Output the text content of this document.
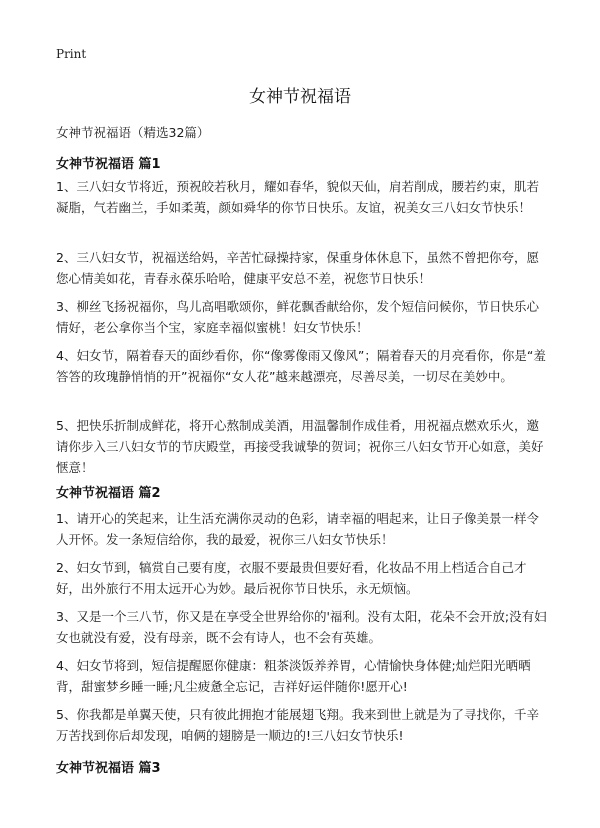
Print
女神节祝福语
女神节祝福语（精选32篇）
女神节祝福语 篇1

1、三八妇女节将近，预祝皎若秋月，耀如春华，貌似天仙，肩若削成，腰若约束，肌若凝脂，气若幽兰，手如柔荑，颜如舜华的你节日快乐。友谊，祝美女三八妇女节快乐！

2、三八妇女节，祝福送给妈，辛苦忙碌操持家，保重身体休息下，虽然不曾把你夸，愿您心情美如花，青春永葆乐哈哈，健康平安总不差，祝您节日快乐！

3、柳丝飞扬祝福你，鸟儿高唱歌颂你，鲜花飘香献给你，发个短信问候你，节日快乐心情好，老公拿你当个宝，家庭幸福似蜜桃！妇女节快乐！

4、妇女节，隔着春天的面纱看你，你“像雾像雨又像风”；隔着春天的月亮看你，你是“羞答答的玫瑰静悄悄的开”祝福你“女人花”越来越漂亮，尽善尽美，一切尽在美妙中。

5、把快乐折制成鲜花，将开心熬制成美酒，用温馨制作成佳肴，用祝福点燃欢乐火，邀请你步入三八妇女节的节庆殿堂，再接受我诚挚的贺词；祝你三八妇女节开心如意，美好惬意！

女神节祝福语 篇2

1、请开心的笑起来，让生活充满你灵动的色彩，请幸福的唱起来，让日子像美景一样令人开怀。发一条短信给你，我的最爱，祝你三八妇女节快乐！

2、妇女节到，犒赏自己要有度，衣服不要最贵但要好看，化妆品不用上档适合自己才好，出外旅行不用太远开心为妙。最后祝你节日快乐，永无烦恼。

3、又是一个三八节，你又是在享受全世界给你的'福利。没有太阳，花朵不会开放;没有妇女也就没有爱，没有母亲，既不会有诗人，也不会有英雄。

4、妇女节将到，短信提醒愿你健康：粗茶淡饭养养胃，心情愉快身体健;灿烂阳光晒晒背，甜蜜梦乡睡一睡;凡尘疲惫全忘记，吉祥好运伴随你!愿开心!

5、你我都是单翼天使，只有彼此拥抱才能展翅飞翔。我来到世上就是为了寻找你，千辛万苦找到你后却发现，咱俩的翅膀是一顺边的!三八妇女节快乐!

女神节祝福语 篇3
